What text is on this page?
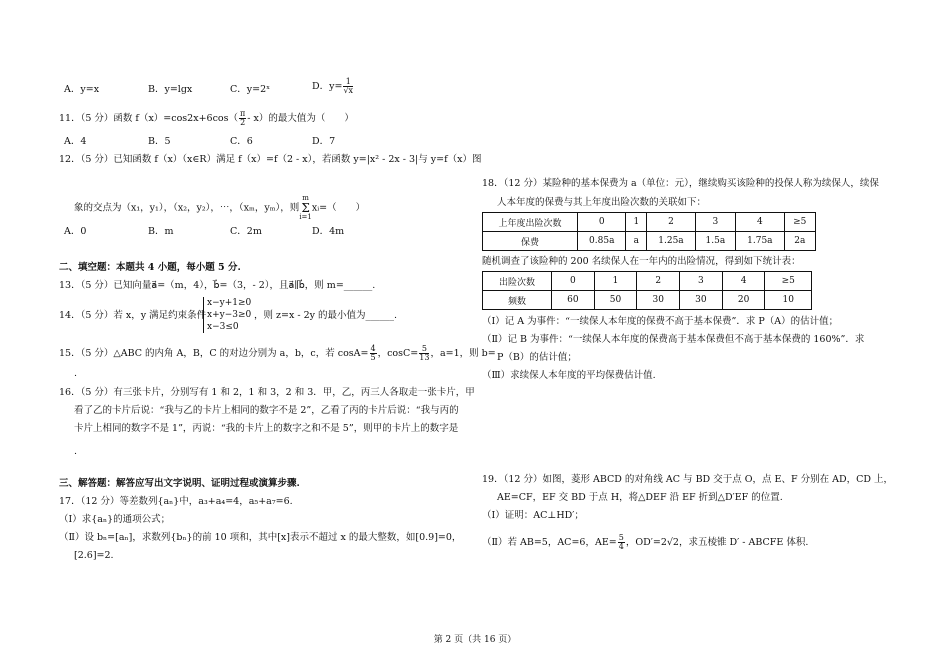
A．y=x	B．y=lgx	C．y=2ˣ	D．$y= \frac{1}{√x}$
11．（5 分）函数 $f(x)=\cos 2x+6\cos( \frac{\pi}{2} - x)$的最大值为（　　）
A．4	B．5	C．6	D．7
12．（5 分）已知函数 f（x）（x∈R）满足 f（x）=f（2 - x），若函数 y=|x² - 2x - 3|与 y=f（x）图
象的交点为（x₁，y₁），（x₂，y₂），⋯，（xₘ，yₘ），则m
Σ
i=1xᵢ=（　　）
A．0	B．m	C．2m	D．4m
二、填空题：本题共 4 小题，每小题 5 分.
13．（5 分）已知向量a⃗=（m，4），b⃗=（3，- 2），且a⃗∥b⃗，则 m=______.
14．（5 分）若 x，y 满足约束条件
x−y+1≥0
x+y−3≥0
x−3≤0
，则 z=x - 2y 的最小值为______.
15．（5 分）△ABC 的内角 A，B，C 的对边分别为 a，b，c，若 $\cos A= \frac{4}{5}$ ，$\cos C= \frac{5}{13}$ ，a=1，则 b=
.
16．（5 分）有三张卡片，分别写有 1 和 2，1 和 3，2 和 3．甲，乙，丙三人各取走一张卡片，甲
看了乙的卡片后说：“我与乙的卡片上相同的数字不是 2”，乙看了丙的卡片后说：“我与丙的
卡片上相同的数字不是 1”，丙说：“我的卡片上的数字之和不是 5”，则甲的卡片上的数字是
.
三、解答题：解答应写出文字说明、证明过程或演算步骤.
17．（12 分）等差数列{aₙ}中，a₃+a₄=4，a₅+a₇=6.
（Ⅰ）求{aₙ}的通项公式；
（Ⅱ）设 bₙ=[aₙ]，求数列{bₙ}的前 10 项和，其中[x]表示不超过 x 的最大整数，如[0.9]=0，
[2.6]=2.
18．（12 分）某险种的基本保费为 a（单位：元），继续购买该险种的投保人称为续保人，续保
人本年度的保费与其上年度出险次数的关联如下：
上年度出险次数	0	1	2	3	4	≥5
保费	0.85a	a	1.25a	1.5a	1.75a	2a
随机调查了该险种的 200 名续保人在一年内的出险情况，得到如下统计表：
出险次数	0	1	2	3	4	≥5
频数	60	50	30	30	20	10
（Ⅰ）记 A 为事件：“一续保人本年度的保费不高于基本保费”．求 P（A）的估计值；
（Ⅱ）记 B 为事件：“一续保人本年度的保费高于基本保费但不高于基本保费的 160%”．求
P（B）的估计值；
（Ⅲ）求续保人本年度的平均保费估计值.
19．（12 分）如图，菱形 ABCD 的对角线 AC 与 BD 交于点 O，点 E、F 分别在 AD，CD 上，
AE=CF，EF 交 BD 于点 H，将△DEF 沿 EF 折到△D′EF 的位置.
（Ⅰ）证明：AC⊥HD′；
（Ⅱ）若 AB=5，AC=6，$AE= \frac{5}{4}$ ，OD′=2√2，求五棱锥 D′ - ABCFE 体积.
第 2 页（共 16 页）
